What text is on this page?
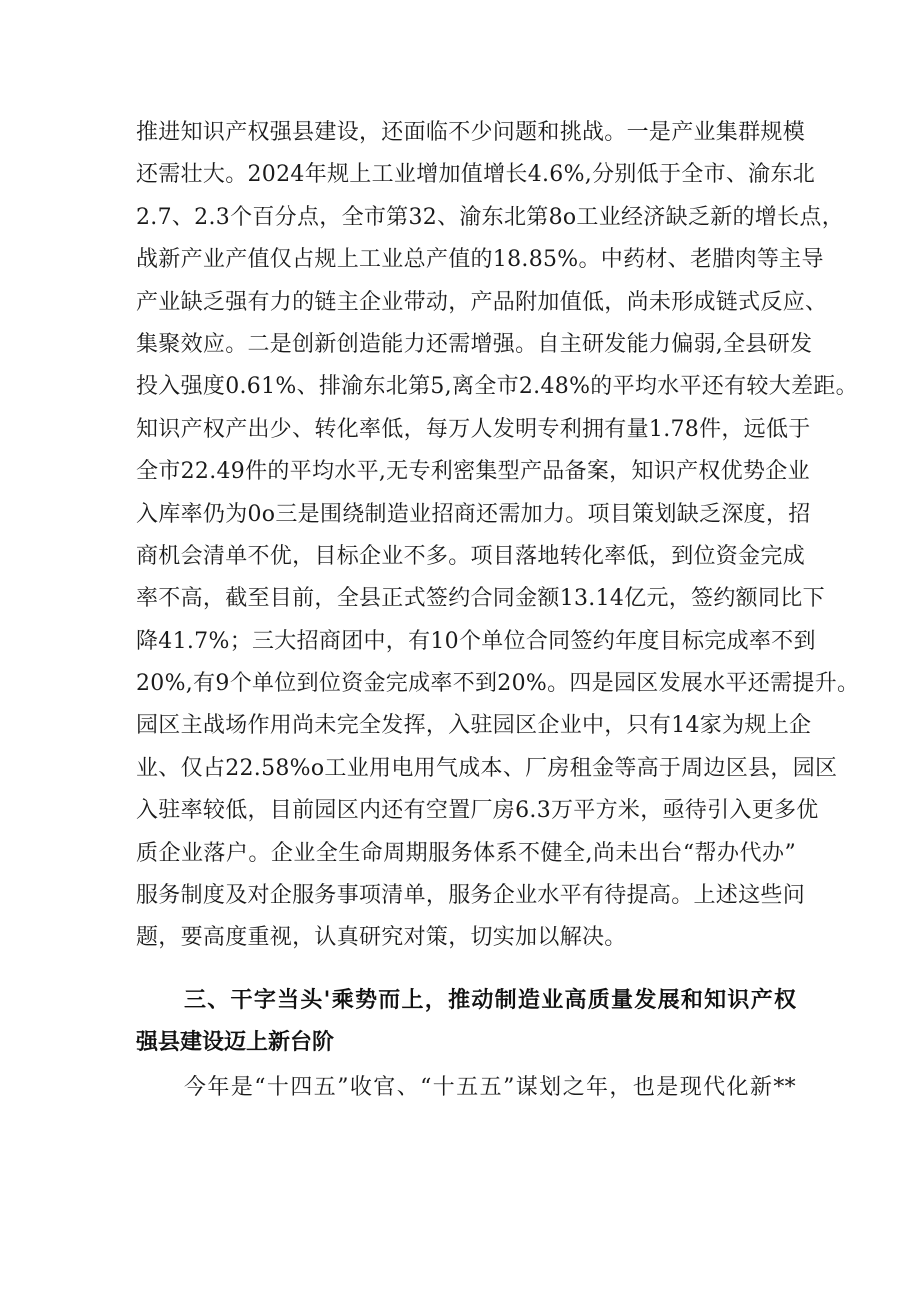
推进知识产权强县建设，还面临不少问题和挑战。一是产业集群规模
还需壮大。2024年规上工业增加值增长4.6%,分别低于全市、渝东北
2.7、2.3个百分点，全市第32、渝东北第8o工业经济缺乏新的增长点，
战新产业产值仅占规上工业总产值的18.85%。中药材、老腊肉等主导
产业缺乏强有力的链主企业带动，产品附加值低，尚未形成链式反应、
集聚效应。二是创新创造能力还需增强。自主研发能力偏弱,全县研发
投入强度0.61%、排渝东北第5,离全市2.48%的平均水平还有较大差距。
知识产权产出少、转化率低，每万人发明专利拥有量1.78件，远低于
全市22.49件的平均水平,无专利密集型产品备案，知识产权优势企业
入库率仍为0o三是围绕制造业招商还需加力。项目策划缺乏深度，招
商机会清单不优，目标企业不多。项目落地转化率低，到位资金完成
率不高，截至目前，全县正式签约合同金额13.14亿元，签约额同比下
降41.7%；三大招商团中，有10个单位合同签约年度目标完成率不到
20%,有9个单位到位资金完成率不到20%。四是园区发展水平还需提升。
园区主战场作用尚未完全发挥，入驻园区企业中，只有14家为规上企
业、仅占22.58%o工业用电用气成本、厂房租金等高于周边区县，园区
入驻率较低，目前园区内还有空置厂房6.3万平方米，亟待引入更多优
质企业落户。企业全生命周期服务体系不健全,尚未出台“帮办代办”
服务制度及对企服务事项清单，服务企业水平有待提高。上述这些问
题，要高度重视，认真研究对策，切实加以解决。
三、干字当头'乘势而上，推动制造业高质量发展和知识产权
强县建设迈上新台阶
今年是“十四五”收官、“十五五”谋划之年，也是现代化新**
